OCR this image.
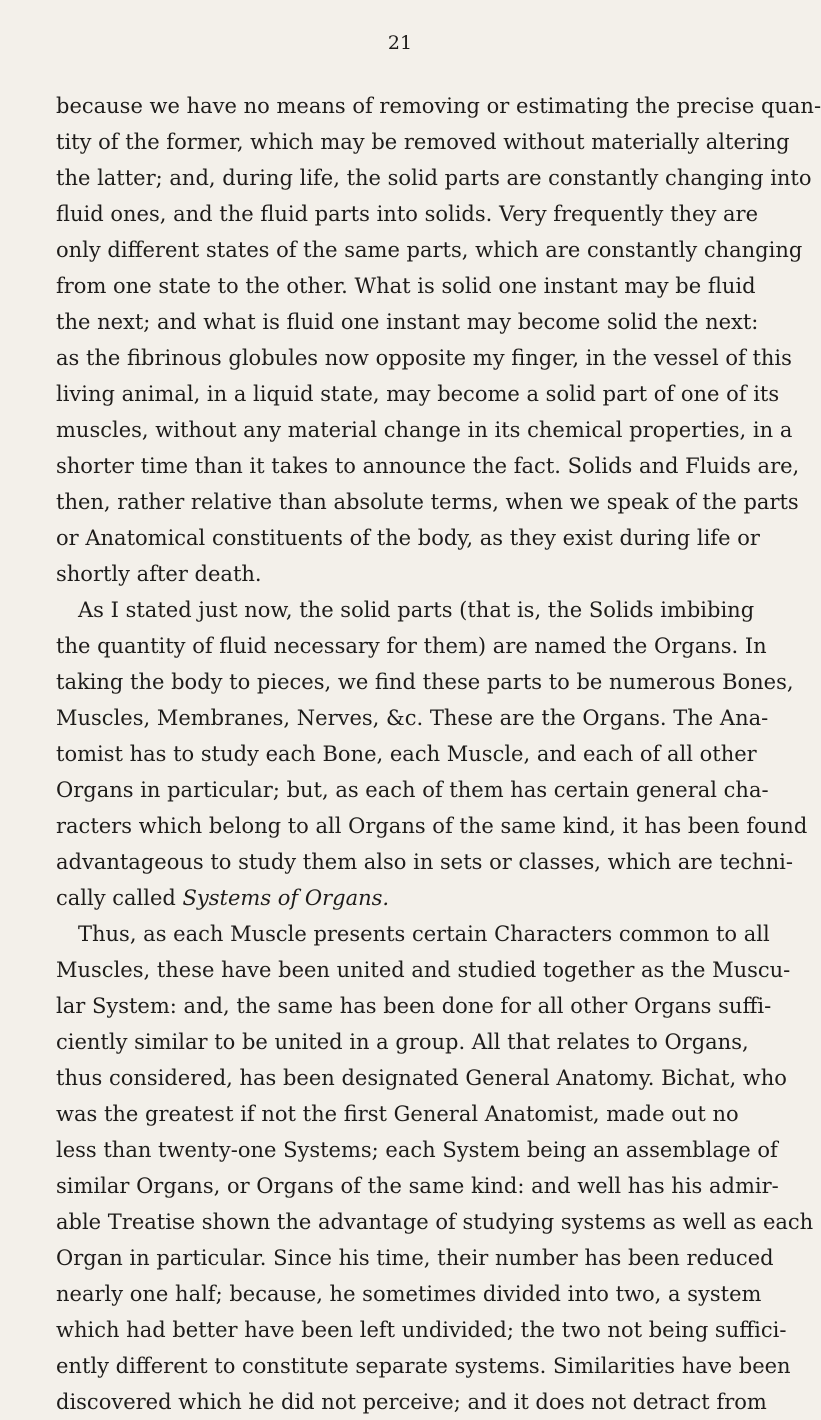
21
because we have no means of removing or estimating the precise quan-
tity of the former, which may be removed without materially altering
the latter; and, during life, the solid parts are constantly changing into
fluid ones, and the fluid parts into solids. Very frequently they are
only different states of the same parts, which are constantly changing
from one state to the other. What is solid one instant may be fluid
the next; and what is fluid one instant may become solid the next:
as the fibrinous globules now opposite my finger, in the vessel of this
living animal, in a liquid state, may become a solid part of one of its
muscles, without any material change in its chemical properties, in a
shorter time than it takes to announce the fact. Solids and Fluids are,
then, rather relative than absolute terms, when we speak of the parts
or Anatomical constituents of the body, as they exist during life or
shortly after death.
As I stated just now, the solid parts (that is, the Solids imbibing
the quantity of fluid necessary for them) are named the Organs. In
taking the body to pieces, we find these parts to be numerous Bones,
Muscles, Membranes, Nerves, &c. These are the Organs. The Ana-
tomist has to study each Bone, each Muscle, and each of all other
Organs in particular; but, as each of them has certain general cha-
racters which belong to all Organs of the same kind, it has been found
advantageous to study them also in sets or classes, which are techni-
cally called Systems of Organs.
Thus, as each Muscle presents certain Characters common to all
Muscles, these have been united and studied together as the Muscu-
lar System: and, the same has been done for all other Organs suffi-
ciently similar to be united in a group. All that relates to Organs,
thus considered, has been designated General Anatomy. Bichat, who
was the greatest if not the first General Anatomist, made out no
less than twenty-one Systems; each System being an assemblage of
similar Organs, or Organs of the same kind: and well has his admir-
able Treatise shown the advantage of studying systems as well as each
Organ in particular. Since his time, their number has been reduced
nearly one half; because, he sometimes divided into two, a system
which had better have been left undivided; the two not being suffici-
ently different to constitute separate systems. Similarities have been
discovered which he did not perceive; and it does not detract from
